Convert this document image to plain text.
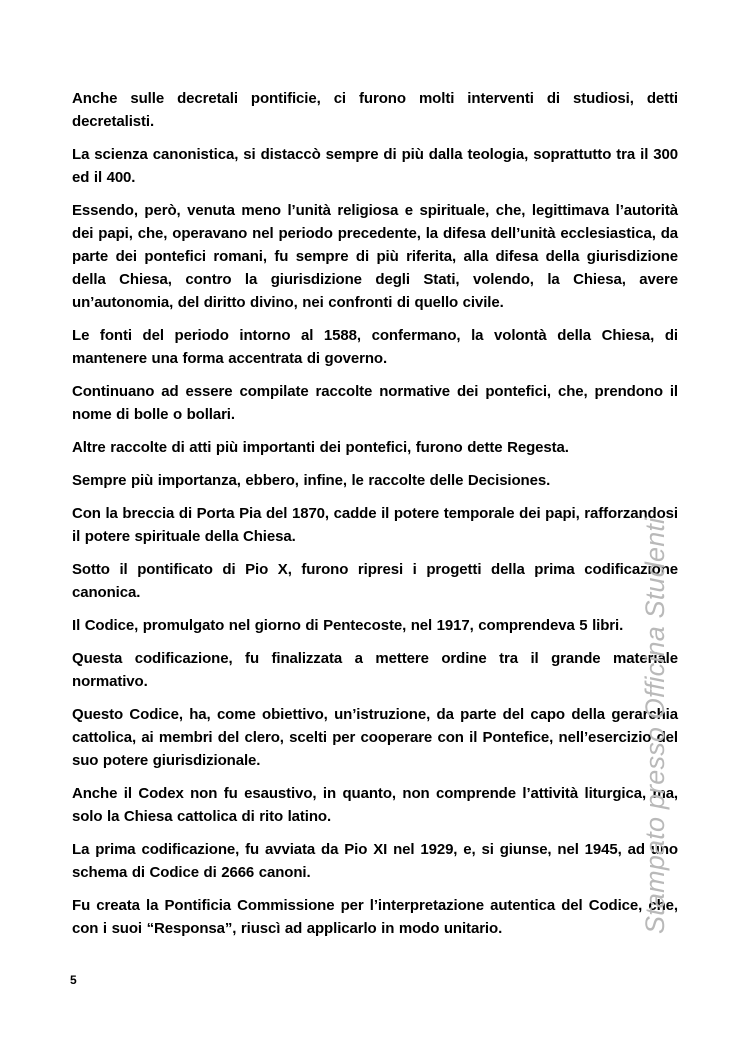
Anche sulle decretali pontificie, ci furono molti interventi di studiosi, detti decretalisti.

La scienza canonistica, si distaccò sempre di più dalla teologia, soprattutto tra il 300 ed il 400.

Essendo, però, venuta meno l’unità religiosa e spirituale, che, legittimava l’autorità dei papi, che, operavano nel periodo precedente, la difesa dell’unità ecclesiastica, da parte dei pontefici romani, fu sempre di più riferita, alla difesa della giurisdizione della Chiesa, contro la giurisdizione degli Stati, volendo, la Chiesa, avere un’autonomia, del diritto divino, nei confronti di quello civile.

Le fonti del periodo intorno al 1588, confermano, la volontà della Chiesa, di mantenere una forma accentrata di governo.

Continuano ad essere compilate raccolte normative dei pontefici, che, prendono il nome di bolle o bollari.

Altre raccolte di atti più importanti dei pontefici, furono dette Regesta.

Sempre più importanza, ebbero, infine, le raccolte delle Decisiones.

Con la breccia di Porta Pia del 1870, cadde il potere temporale dei papi, rafforzandosi il potere spirituale della Chiesa.

Sotto il pontificato di Pio X, furono ripresi i progetti della prima codificazione canonica.

Il Codice, promulgato nel giorno di Pentecoste, nel 1917, comprendeva 5 libri.

Questa codificazione, fu finalizzata a mettere ordine tra il grande materiale normativo.

Questo Codice, ha, come obiettivo, un’istruzione, da parte del capo della gerarchia cattolica, ai membri del clero, scelti per cooperare con il Pontefice, nell’esercizio del suo potere giurisdizionale.

Anche il Codex non fu esaustivo, in quanto, non comprende l’attività liturgica, ma, solo la Chiesa cattolica di rito latino.

La prima codificazione, fu avviata da Pio XI nel 1929, e, si giunse, nel 1945, ad uno schema di Codice di 2666 canoni.

Fu creata la Pontificia Commissione per l’interpretazione autentica del Codice, che, con i suoi “Responsa”, riuscì ad applicarlo in modo unitario.	Stampato presso Officina Studenti
5
